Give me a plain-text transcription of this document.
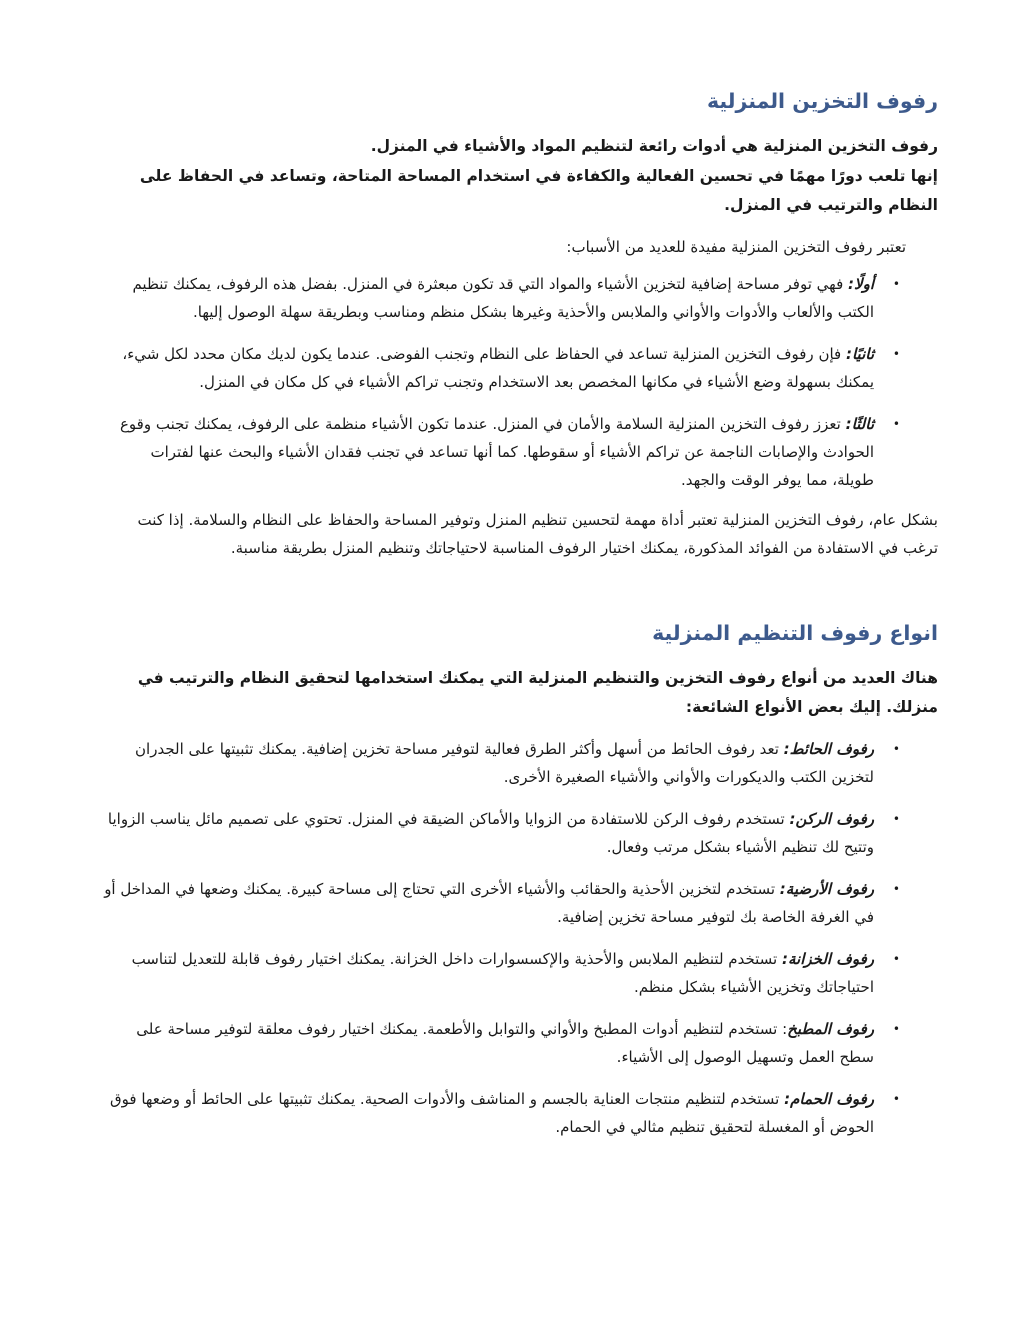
رفوف التخزين المنزلية

رفوف التخزين المنزلية هي أدوات رائعة لتنظيم المواد والأشياء في المنزل.
إنها تلعب دورًا مهمًا في تحسين الفعالية والكفاءة في استخدام المساحة المتاحة، وتساعد في الحفاظ على النظام والترتيب في المنزل.

تعتبر رفوف التخزين المنزلية مفيدة للعديد من الأسباب:

•
أولًا: فهي توفر مساحة إضافية لتخزين الأشياء والمواد التي قد تكون مبعثرة في المنزل. بفضل هذه الرفوف، يمكنك تنظيم الكتب والألعاب والأدوات والأواني والملابس والأحذية وغيرها بشكل منظم ومناسب وبطريقة سهلة الوصول إليها.
•
ثانيًا: فإن رفوف التخزين المنزلية تساعد في الحفاظ على النظام وتجنب الفوضى. عندما يكون لديك مكان محدد لكل شيء، يمكنك بسهولة وضع الأشياء في مكانها المخصص بعد الاستخدام وتجنب تراكم الأشياء في كل مكان في المنزل.
•
ثالثًا: تعزز رفوف التخزين المنزلية السلامة والأمان في المنزل. عندما تكون الأشياء منظمة على الرفوف، يمكنك تجنب وقوع الحوادث والإصابات الناجمة عن تراكم الأشياء أو سقوطها. كما أنها تساعد في تجنب فقدان الأشياء والبحث عنها لفترات طويلة، مما يوفر الوقت والجهد.

بشكل عام، رفوف التخزين المنزلية تعتبر أداة مهمة لتحسين تنظيم المنزل وتوفير المساحة والحفاظ على النظام والسلامة. إذا كنت ترغب في الاستفادة من الفوائد المذكورة، يمكنك اختيار الرفوف المناسبة لاحتياجاتك وتنظيم المنزل بطريقة مناسبة.

انواع رفوف التنظيم المنزلية

هناك العديد من أنواع رفوف التخزين والتنظيم المنزلية التي يمكنك استخدامها لتحقيق النظام والترتيب في منزلك. إليك بعض الأنواع الشائعة:

•
رفوف الحائط: تعد رفوف الحائط من أسهل وأكثر الطرق فعالية لتوفير مساحة تخزين إضافية. يمكنك تثبيتها على الجدران لتخزين الكتب والديكورات والأواني والأشياء الصغيرة الأخرى.
•
رفوف الركن: تستخدم رفوف الركن للاستفادة من الزوايا والأماكن الضيقة في المنزل. تحتوي على تصميم مائل يناسب الزوايا وتتيح لك تنظيم الأشياء بشكل مرتب وفعال.
•
رفوف الأرضية: تستخدم لتخزين الأحذية والحقائب والأشياء الأخرى التي تحتاج إلى مساحة كبيرة. يمكنك وضعها في المداخل أو في الغرفة الخاصة بك لتوفير مساحة تخزين إضافية.
•
رفوف الخزانة: تستخدم لتنظيم الملابس والأحذية والإكسسوارات داخل الخزانة. يمكنك اختيار رفوف قابلة للتعديل لتناسب احتياجاتك وتخزين الأشياء بشكل منظم.
•
رفوف المطبخ: تستخدم لتنظيم أدوات المطبخ والأواني والتوابل والأطعمة. يمكنك اختيار رفوف معلقة لتوفير مساحة على سطح العمل وتسهيل الوصول إلى الأشياء.
•
رفوف الحمام: تستخدم لتنظيم منتجات العناية بالجسم و المناشف والأدوات الصحية. يمكنك تثبيتها على الحائط أو وضعها فوق الحوض أو المغسلة لتحقيق تنظيم مثالي في الحمام.
